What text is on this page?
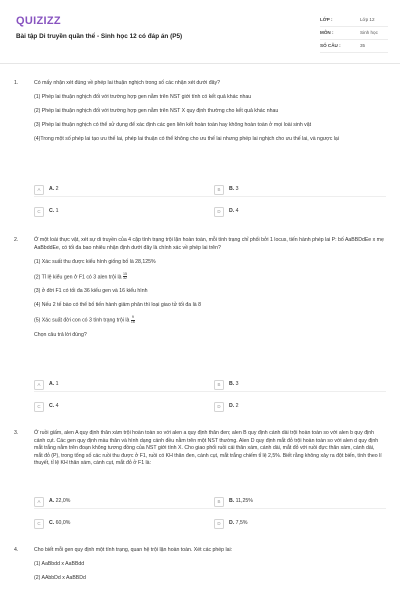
QUIZIZZ
Bài tập Di truyền quần thể - Sinh học 12 có đáp án (P5)
LỚP :	Lớp 12
MÔN :	Sinh học
SỐ CÂU :	35
1.	Có mấy nhận xét đúng về phép lai thuận nghịch trong số các nhận xét dưới đây?
(1) Phép lai thuận nghịch đối với trường hợp gen nằm trên NST giới tính có kết quả khác nhau
(2) Phép lai thuận nghịch đối với trường hợp gen nằm trên NST X quy định thường cho kết quả khác nhau
(3) Phép lai thuận nghịch có thể sử dụng để xác định các gen liên kết hoàn toàn hay không hoàn toàn ở mọi loài sinh vật
(4)Trong một số phép lai tạo ưu thế lai, phép lai thuận có thể không cho ưu thế lai nhưng phép lai nghịch cho ưu thế lai, và ngược lại
A	A. 2	B	B. 3
C	C. 1	D	D. 4
2.	Ở một loài thực vật, xét sự di truyền của 4 cặp tính trạng trội lặn hoàn toàn, mỗi tính trạng chỉ phối bởi 1 locus, tiến hành phép lai P: bố AaBBDdEe x mẹ AaBbddEe, có tối đa bao nhiêu nhận định dưới đây là chính xác về phép lai trên?
(1) Xác suất thu được kiểu hình giống bố là 28,125%
(2) Tỉ lệ kiểu gen ở F1 có 3 alen trội là $\frac{15}{32}$
(3) ở đời F1 có tối đa 36 kiểu gen và 16 kiểu hình
(4) Nếu 2 tế bào có thể bố tiến hành giảm phân thì loại giao tử tối đa là 8
(5) Xác suất đời con có 3 tính trạng trội là $\frac{9}{16}$
Chọn câu trả lời đúng?
A	A. 1	B	B. 3
C	C. 4	D	D. 2
3.	Ở ruồi giấm, alen A quy định thân xám trội hoàn toàn so với alen a quy định thân đen; alen B quy định cánh dài trội hoàn toàn so với alen b quy định cánh cụt. Các gen quy định màu thân và hình dạng cánh đều nằm trên một NST thường. Alen D quy định mắt đỏ trội hoàn toàn so với alen d quy định mắt trắng nằm trên đoạn không tương đồng của NST giới tính X. Cho giao phối ruồi cái thân xám, cánh dài, mắt đỏ với ruồi đực thân xám, cánh dài, mắt đỏ (P), trong tổng số các ruồi thu được ở F1, ruồi có KH thân đen, cánh cụt, mắt trắng chiếm tỉ lệ 2,5%. Biết rằng không xảy ra đột biến, tính theo lí thuyết, tỉ lệ KH thân xám, cánh cụt, mắt đỏ ở F1 là:
A	A. 22,0%	B	B. 11,25%
C	C. 60,0%	D	D. 7,5%
4.	Cho biết mỗi gen quy định một tính trạng, quan hệ trội lặn hoàn toàn. Xét các phép lai:
(1) AaBbdd x AaBBdd
(2) AAbbDd x AaBBDd
